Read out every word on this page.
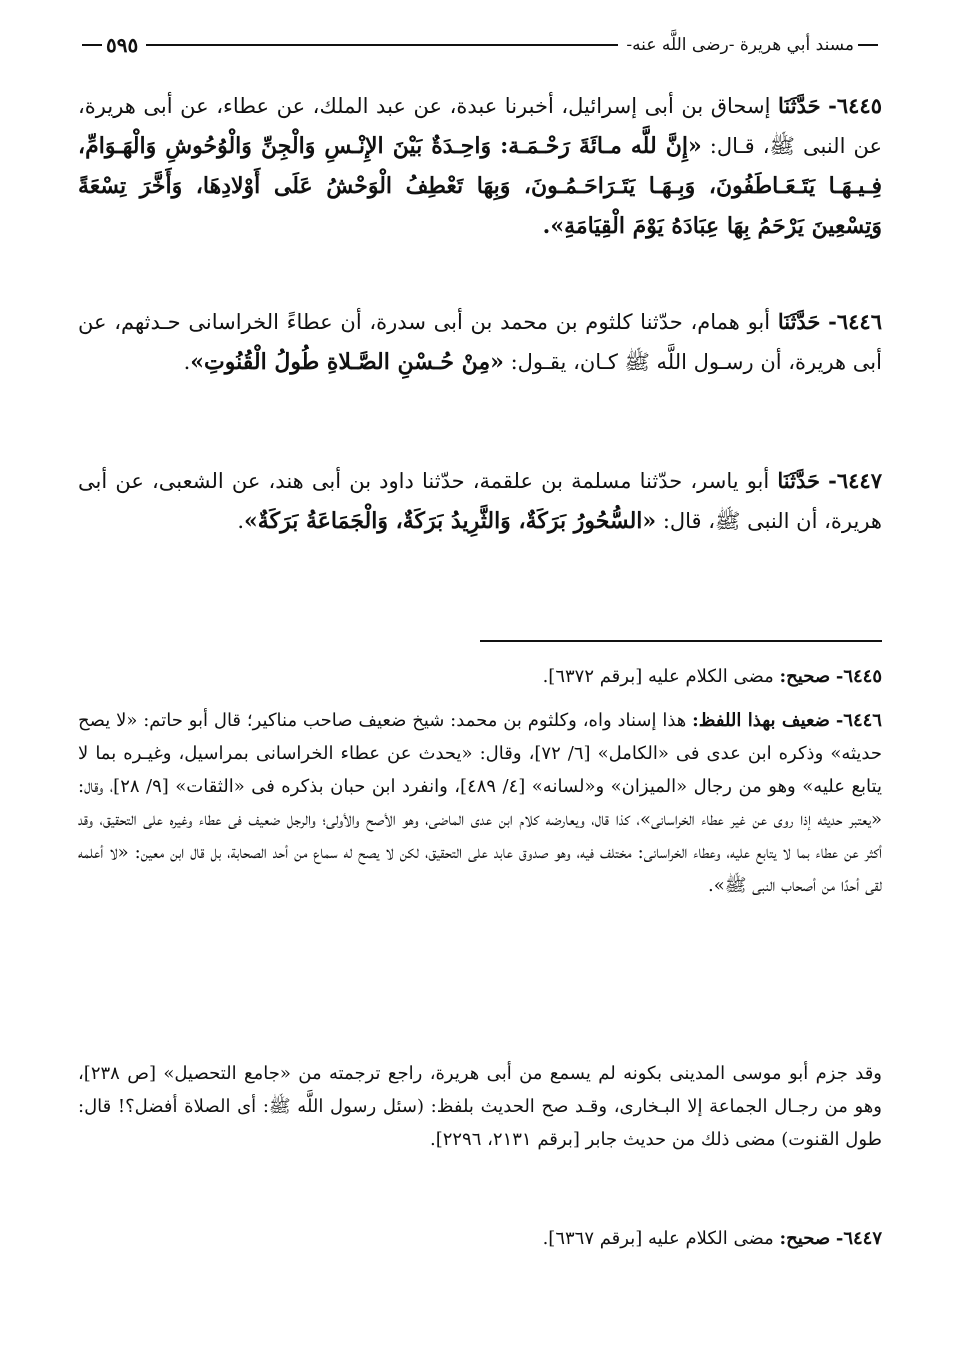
مسند أبي هريرة -رضى اللَّه عنه-
٥٩٥

٦٤٤٥- حَدَّثَنَا إسحاق بن أبى إسرائيل، أخبرنا عبدة، عن عبد الملك، عن عطاء، عن أبى هريرة، عن النبى ﷺ، قـال: «إِنَّ للَّه مـائَةَ رَحْـمَـة: وَاحِـدَةٌ بَيْنَ الإِنْـسِ وَالْجِنِّ وَالْوُحُوشِ وَالْهَـوَامِّ، فِـيـهَـا يَتَـعَـاطَفُونَ، وَبِـهَـا يَتَـرَاحَـمُـونَ، وَبِهَا تَعْطِفُ الْوَحْشُ عَلَى أَوْلادِهَا، وَأَخَّرَ تِسْعَةً وَتِسْعِينَ يَرْحَمُ بِهَا عِبَادَهُ يَوْمَ الْقِيَامَةِ».

٦٤٤٦- حَدَّثَنَا أبو همام، حدّثنا كلثوم بن محمد بن أبى سدرة، أن عطاءً الخراسانى حـدثهم، عن أبى هريرة، أن رسـول اللَّه ﷺ كـان، يقـول: «مِنْ حُـسْنِ الصَّـلاةِ طُولُ الْقُنُوتِ».

٦٤٤٧- حَدَّثَنَا أبو ياسر، حدّثنا مسلمة بن علقمة، حدّثنا داود بن أبى هند، عن الشعبى، عن أبى هريرة، أن النبى ﷺ، قال: «السُّحُورُ بَرَكَةٌ، وَالثَّرِيدُ بَرَكَةٌ، وَالْجَمَاعَةُ بَرَكَةٌ».

٦٤٤٥- صحيح: مضى الكلام عليه [برقم ٦٣٧٢].

٦٤٤٦- ضعيف بهذا اللفظ: هذا إسناد واه، وكلثوم بن محمد: شيخ ضعيف صاحب مناكير؛ قال أبو حاتم: «لا يصح حديثه» وذكره ابن عدى فى «الكامل» [٦/ ٧٢]، وقال: «يحدث عن عطاء الخراسانى بمراسيل، وغيـره بما لا يتابع عليه» وهو من رجال «الميزان» و«لسانه» [٤/ ٤٨٩]، وانفرد ابن حبان بذكره فى «الثقات» [٩/ ٢٨]، وقال: «يعتبر حديثه إذا روى عن غير عطاء الخراسانى»، كذا قال، ويعارضه كلام ابن عدى الماضى، وهو الأصح والأولى؛ والرجل ضعيف فى عطاء وغيره على التحقيق، وقد أكثر عن عطاء بما لا يتابع عليه، وعطاء الخراسانى: مختلف فيه، وهو صدوق عابد على التحقيق، لكن لا يصح له سماع من أحد الصحابة، بل قال ابن معين: «لا أعلمه لقى أحدًا من أصحاب النبى ﷺ».

وقد جزم أبو موسى المدينى بكونه لم يسمع من أبى هريرة، راجع ترجمته من «جامع التحصيل» [ص ٢٣٨]، وهو من رجـال الجماعة إلا البـخارى، وقـد صح الحديث بلفظ: (سئل رسول اللَّه ﷺ: أى الصلاة أفضل؟! قال: طول القنوت) مضى ذلك من حديث جابر [برقم ٢١٣١، ٢٢٩٦].

٦٤٤٧- صحيح: مضى الكلام عليه [برقم ٦٣٦٧].
